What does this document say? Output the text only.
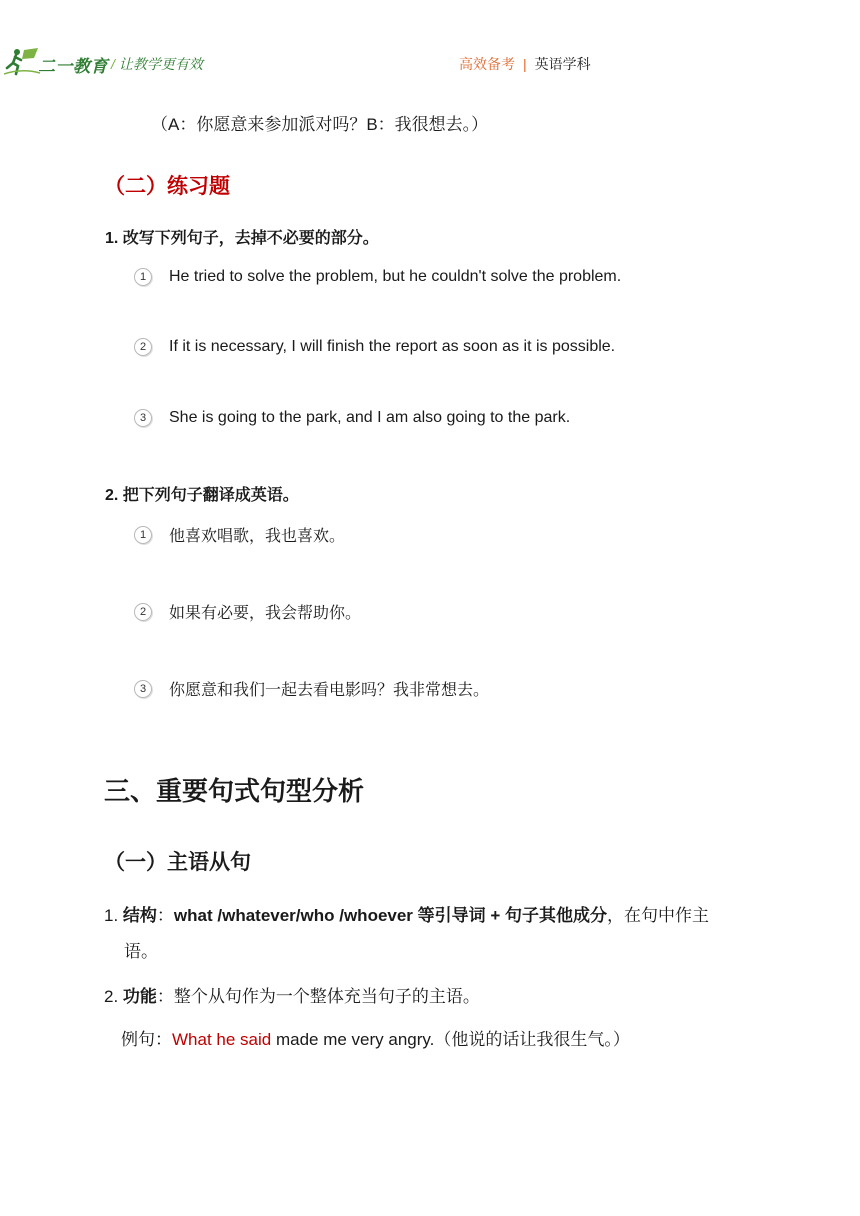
二一教育 / 让教学更有效	高效备考 | 英语学科
（A：你愿意来参加派对吗？B：我很想去。）
（二）练习题
1. 改写下列句子，去掉不必要的部分。
1 He tried to solve the problem, but he couldn't solve the problem.
2 If it is necessary, I will finish the report as soon as it is possible.
3 She is going to the park, and I am also going to the park.
2. 把下列句子翻译成英语。
1 他喜欢唱歌，我也喜欢。
2 如果有必要，我会帮助你。
3 你愿意和我们一起去看电影吗？我非常想去。
三、重要句式句型分析
（一）主语从句
1. 结构：what /whatever/who /whoever 等引导词 + 句子其他成分，在句中作主
语。
2. 功能：整个从句作为一个整体充当句子的主语。
例句：What he said made me very angry.（他说的话让我很生气。）
